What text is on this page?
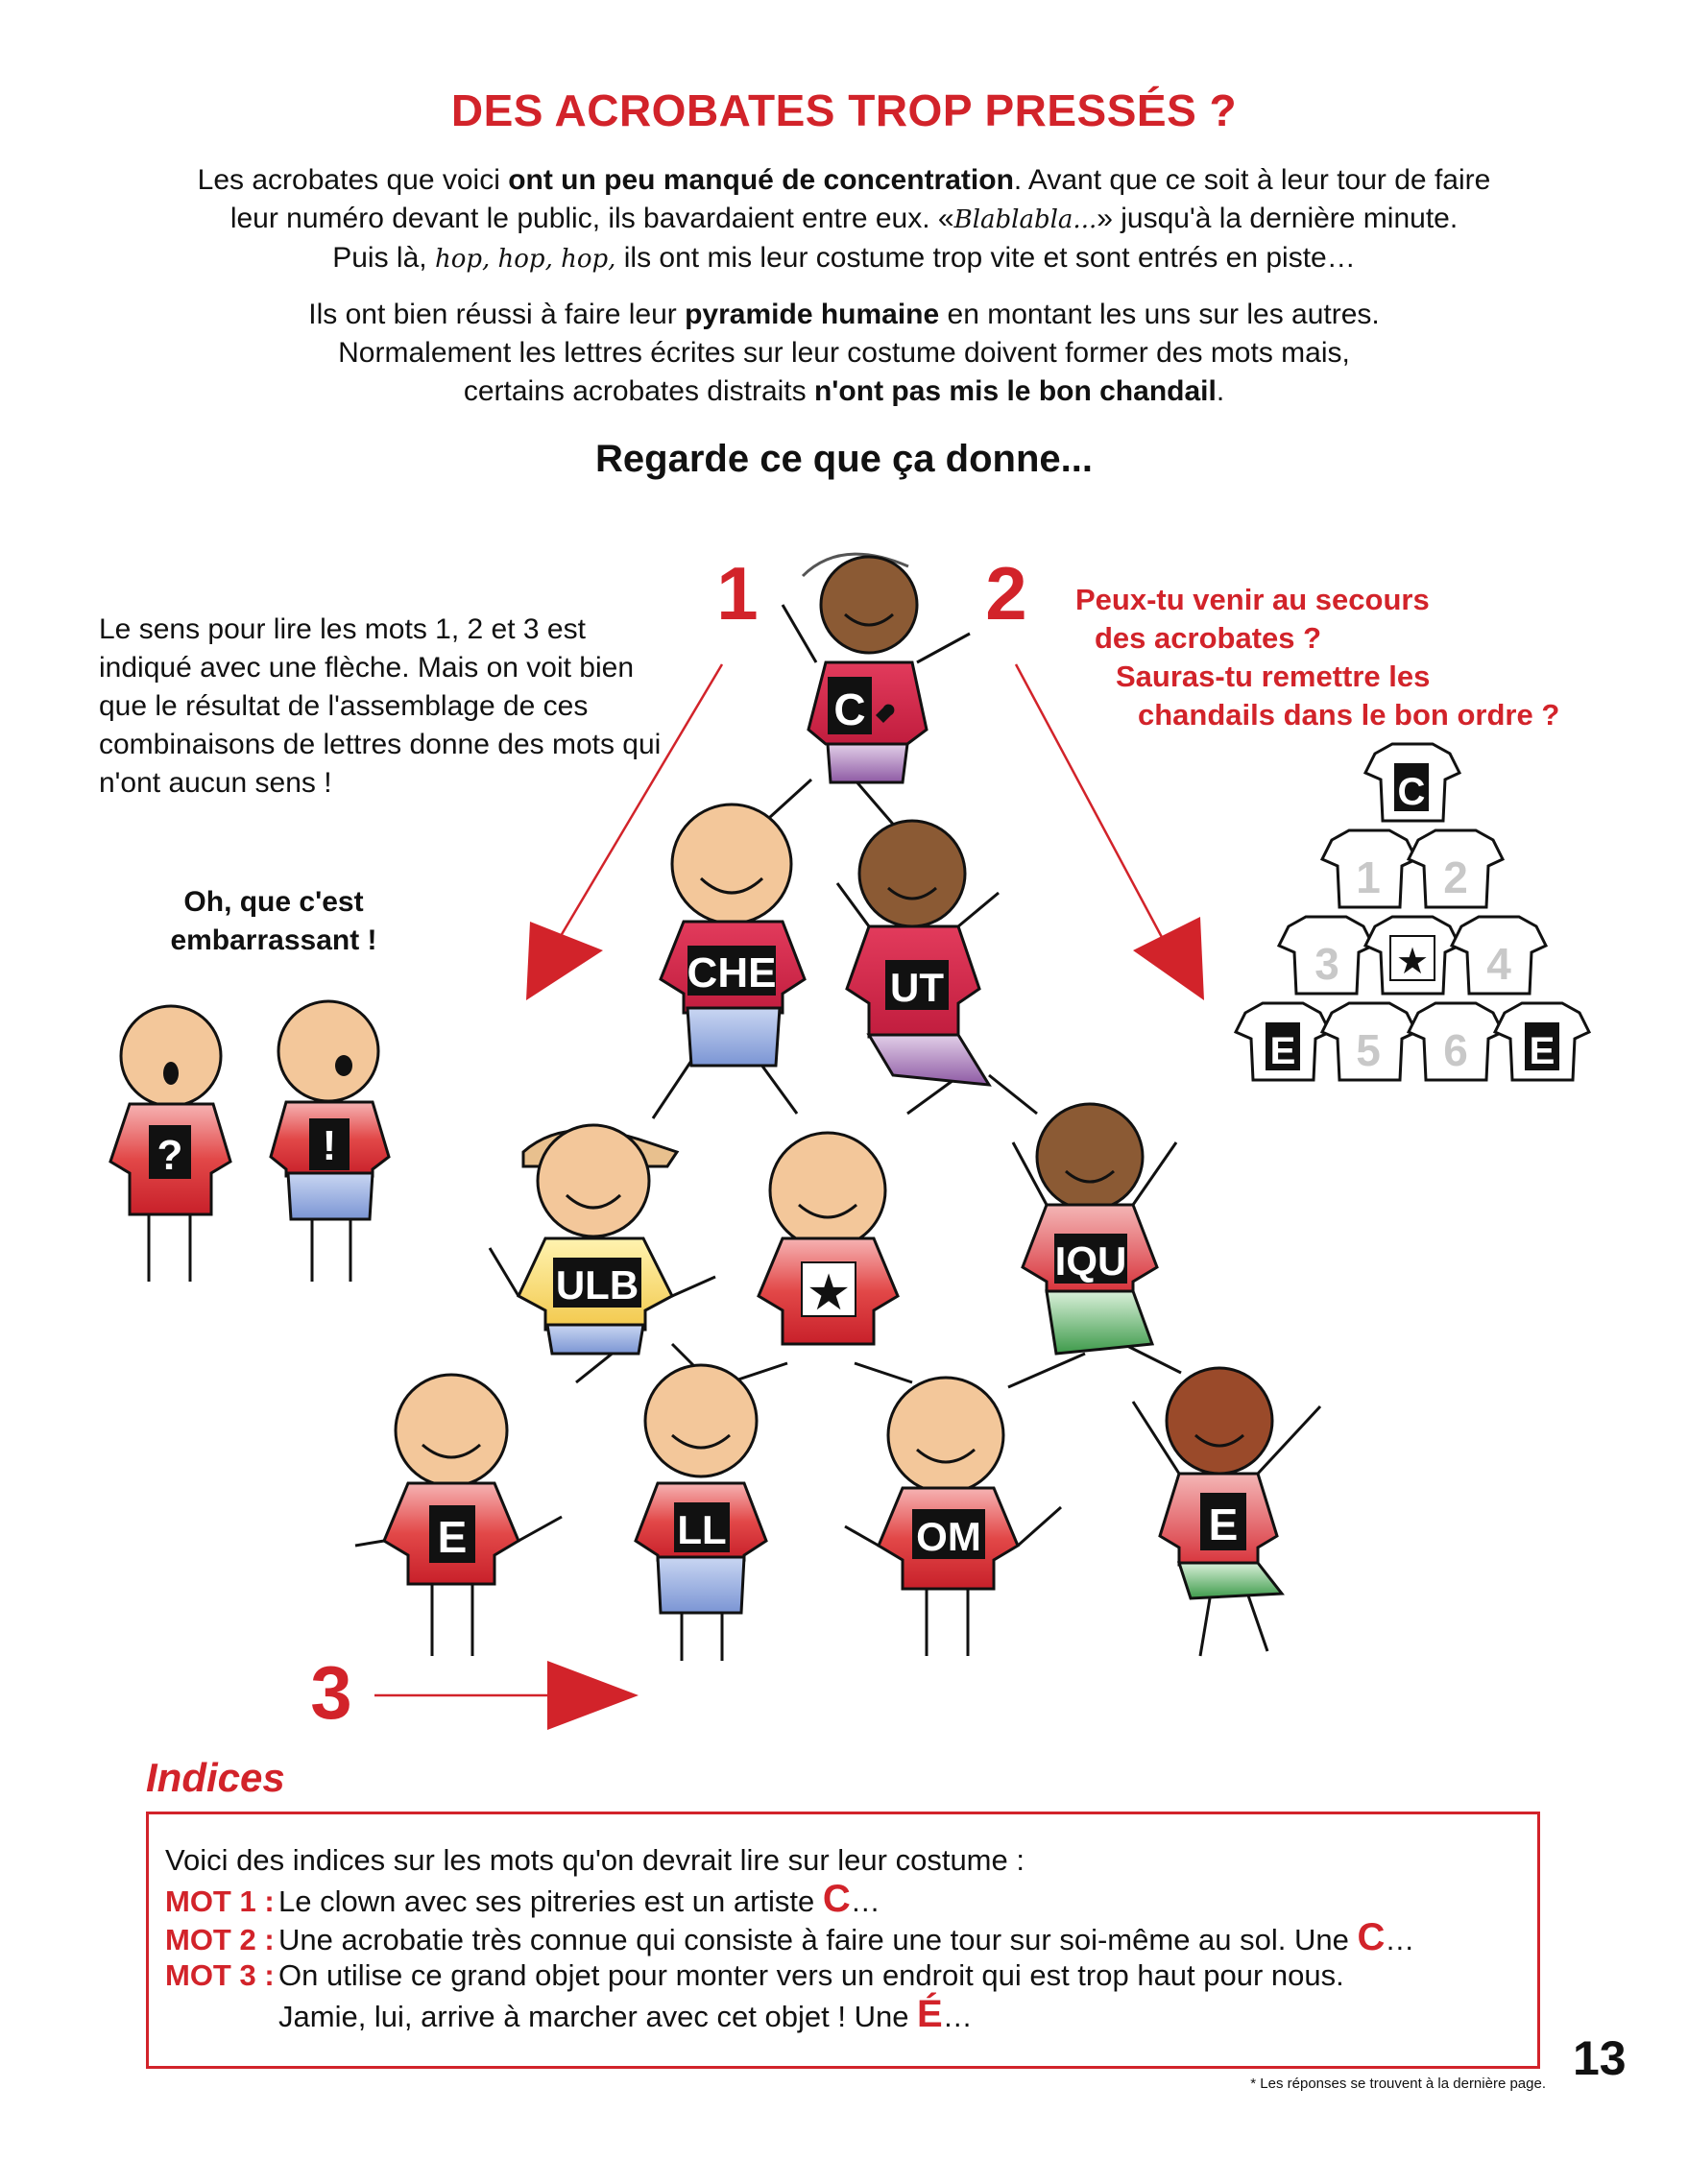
DES ACROBATES TROP PRESSÉS ?
Les acrobates que voici ont un peu manqué de concentration. Avant que ce soit à leur tour de faire
leur numéro devant le public, ils bavardaient entre eux. «Blablabla...» jusqu'à la dernière minute.
Puis là, hop, hop, hop, ils ont mis leur costume trop vite et sont entrés en piste…
Ils ont bien réussi à faire leur pyramide humaine en montant les uns sur les autres.
Normalement les lettres écrites sur leur costume doivent former des mots mais,
certains acrobates distraits n'ont pas mis le bon chandail.
Regarde ce que ça donne...
Le sens pour lire les mots 1, 2 et 3 est indiqué avec une flèche. Mais on voit bien que le résultat de l'assemblage de ces combinaisons de lettres donne des mots qui n'ont aucun sens !
Oh, que c'est embarrassant !
Peux-tu venir au secours
des acrobates ?
Sauras-tu remettre les
chandails dans le bon ordre ?
1	2
3
C
CHE	UT
ULB	★
IQU
E	LL	OM	E
?	!
C
1 2
3 ★ 4
E 5 6 E
Indices
Voici des indices sur les mots qu'on devrait lire sur leur costume :
MOT 1 : Le clown avec ses pitreries est un artiste C…
MOT 2 : Une acrobatie très connue qui consiste à faire une tour sur soi-même au sol. Une C…
MOT 3 : On utilise ce grand objet pour monter vers un endroit qui est trop haut pour nous.
Jamie, lui, arrive à marcher avec cet objet ! Une É…
13
* Les réponses se trouvent à la dernière page.
